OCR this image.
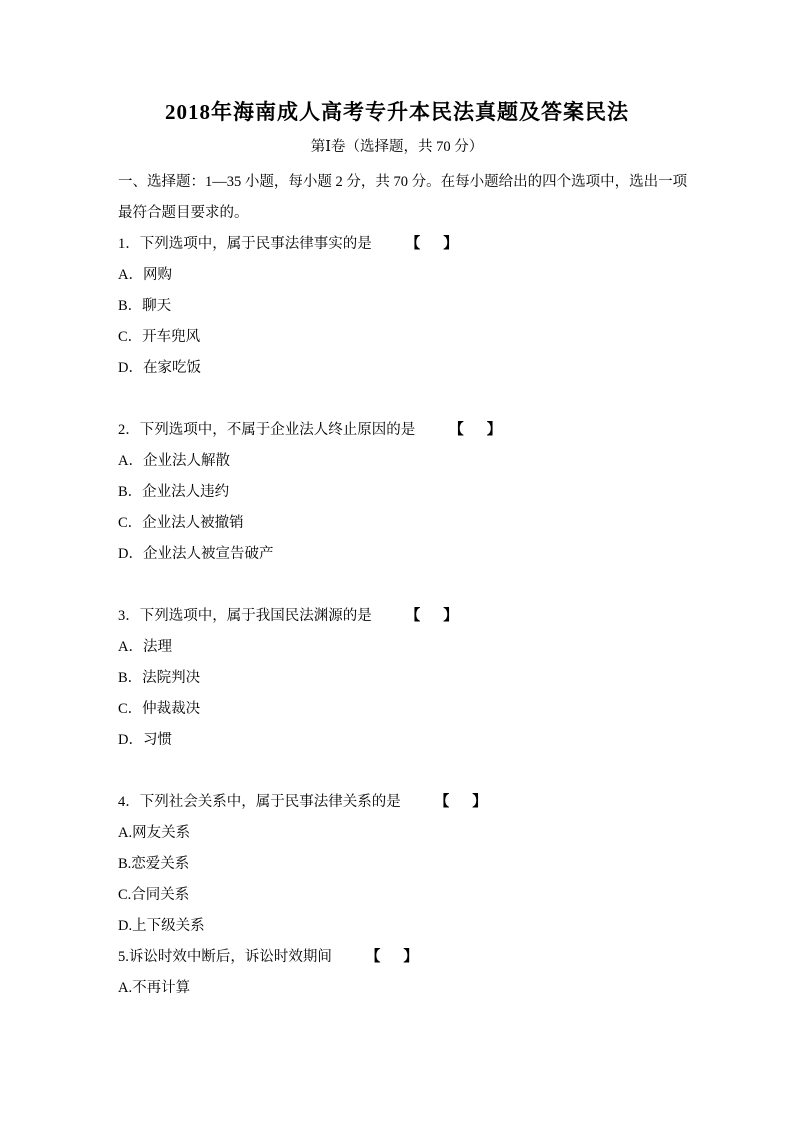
2018年海南成人高考专升本民法真题及答案民法
第Ⅰ卷（选择题，共 70 分）

一、选择题：1—35 小题，每小题 2 分，共 70 分。在每小题给出的四个选项中，选出一项

最符合题目要求的。

1．下列选项中，属于民事法律事实的是 【 】

A．网购

B．聊天

C．开车兜风

D．在家吃饭

2．下列选项中，不属于企业法人终止原因的是 【 】

A．企业法人解散

B．企业法人违约

C．企业法人被撤销

D．企业法人被宣告破产

3．下列选项中，属于我国民法渊源的是 【 】

A．法理

B．法院判决

C．仲裁裁决

D．习惯

4．下列社会关系中，属于民事法律关系的是 【 】

A.网友关系

B.恋爱关系

C.合同关系

D.上下级关系

5.诉讼时效中断后，诉讼时效期间 【 】

A.不再计算
